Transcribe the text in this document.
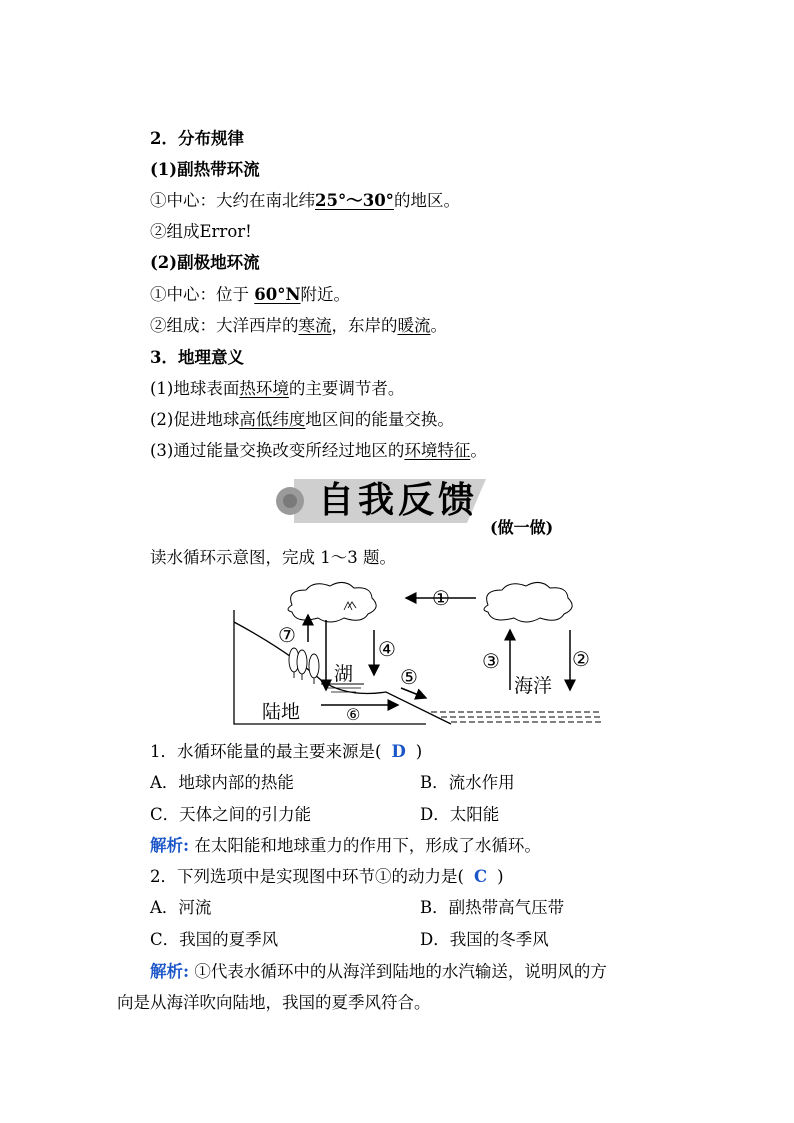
2．分布规律
(1)副热带环流
①中心：大约在南北纬25°～30°的地区。
②组成Error!
(2)副极地环流
①中心：位于 60°N附近。
②组成：大洋西岸的寒流，东岸的暖流。
3．地理意义
(1)地球表面热环境的主要调节者。
(2)促进地球高低纬度地区间的能量交换。
(3)通过能量交换改变所经过地区的环境特征。
自我反馈
(做一做)
读水循环示意图，完成 1～3 题。
①
②
③
④
⑤
⑥
⑦
湖
陆地
海洋
1．水循环能量的最主要来源是( D )
A．地球内部的热能	B．流水作用
C．天体之间的引力能	D．太阳能
解析: 在太阳能和地球重力的作用下，形成了水循环。
2．下列选项中是实现图中环节①的动力是( C )
A．河流	B．副热带高气压带
C．我国的夏季风	D．我国的冬季风
解析: ①代表水循环中的从海洋到陆地的水汽输送，说明风的方
向是从海洋吹向陆地，我国的夏季风符合。
